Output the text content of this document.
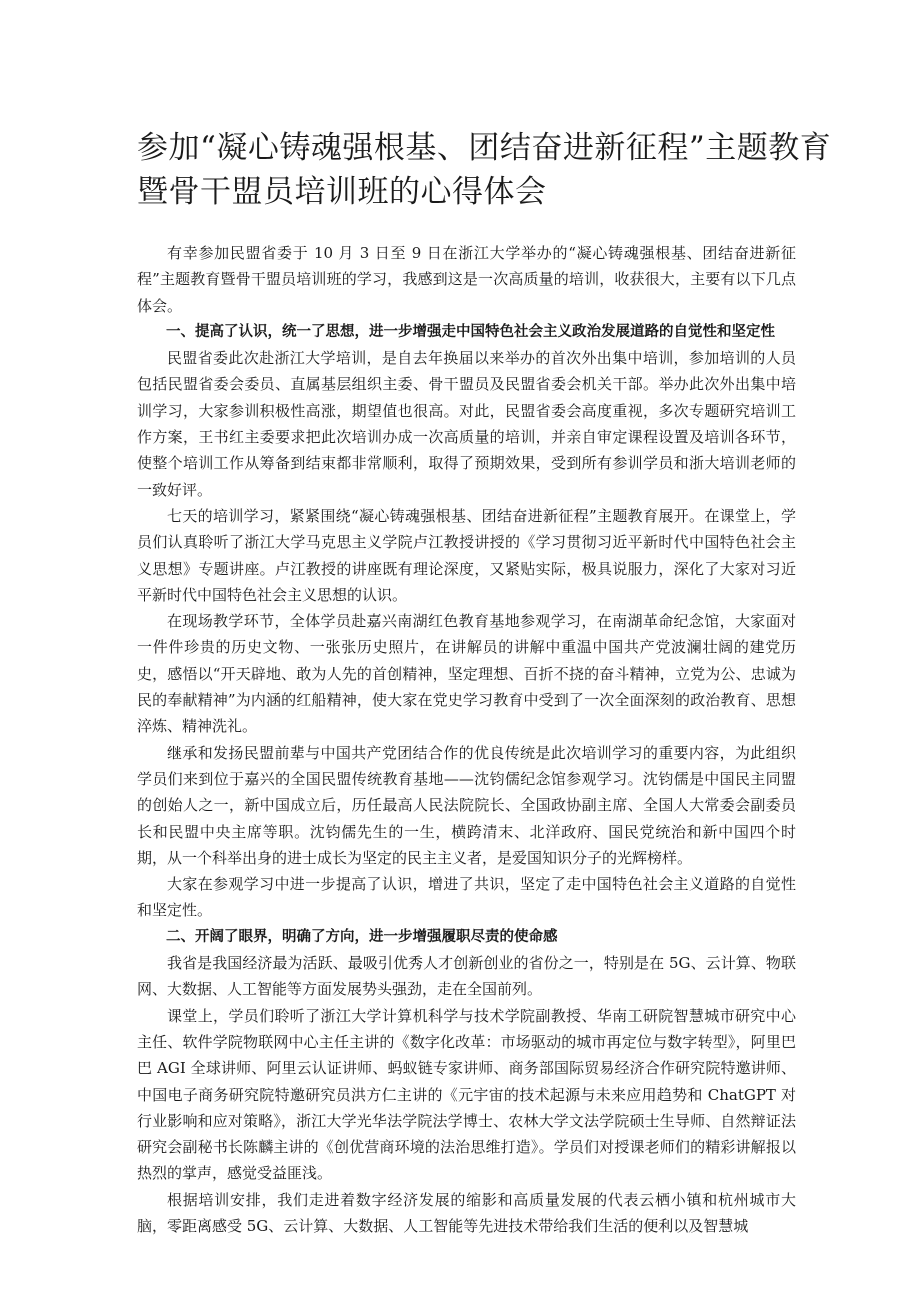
参加“凝心铸魂强根基、团结奋进新征程”主题教育
暨骨干盟员培训班的心得体会

有幸参加民盟省委于 10 月 3 日至 9 日在浙江大学举办的“凝心铸魂强根基、团结奋进新征程”主题教育暨骨干盟员培训班的学习，我感到这是一次高质量的培训，收获很大，主要有以下几点体会。

一、提高了认识，统一了思想，进一步增强走中国特色社会主义政治发展道路的自觉性和坚定性

民盟省委此次赴浙江大学培训，是自去年换届以来举办的首次外出集中培训，参加培训的人员包括民盟省委会委员、直属基层组织主委、骨干盟员及民盟省委会机关干部。举办此次外出集中培训学习，大家参训积极性高涨，期望值也很高。对此，民盟省委会高度重视，多次专题研究培训工作方案，王书红主委要求把此次培训办成一次高质量的培训，并亲自审定课程设置及培训各环节，使整个培训工作从筹备到结束都非常顺利，取得了预期效果，受到所有参训学员和浙大培训老师的一致好评。

七天的培训学习，紧紧围绕“凝心铸魂强根基、团结奋进新征程”主题教育展开。在课堂上，学员们认真聆听了浙江大学马克思主义学院卢江教授讲授的《学习贯彻习近平新时代中国特色社会主义思想》专题讲座。卢江教授的讲座既有理论深度，又紧贴实际，极具说服力，深化了大家对习近平新时代中国特色社会主义思想的认识。

在现场教学环节，全体学员赴嘉兴南湖红色教育基地参观学习，在南湖革命纪念馆，大家面对一件件珍贵的历史文物、一张张历史照片，在讲解员的讲解中重温中国共产党波澜壮阔的建党历史，感悟以“开天辟地、敢为人先的首创精神，坚定理想、百折不挠的奋斗精神，立党为公、忠诚为民的奉献精神”为内涵的红船精神，使大家在党史学习教育中受到了一次全面深刻的政治教育、思想淬炼、精神洗礼。

继承和发扬民盟前辈与中国共产党团结合作的优良传统是此次培训学习的重要内容，为此组织学员们来到位于嘉兴的全国民盟传统教育基地——沈钧儒纪念馆参观学习。沈钧儒是中国民主同盟的创始人之一，新中国成立后，历任最高人民法院院长、全国政协副主席、全国人大常委会副委员长和民盟中央主席等职。沈钧儒先生的一生，横跨清末、北洋政府、国民党统治和新中国四个时期，从一个科举出身的进士成长为坚定的民主主义者，是爱国知识分子的光辉榜样。

大家在参观学习中进一步提高了认识，增进了共识，坚定了走中国特色社会主义道路的自觉性和坚定性。

二、开阔了眼界，明确了方向，进一步增强履职尽责的使命感

我省是我国经济最为活跃、最吸引优秀人才创新创业的省份之一，特别是在 5G、云计算、物联网、大数据、人工智能等方面发展势头强劲，走在全国前列。

课堂上，学员们聆听了浙江大学计算机科学与技术学院副教授、华南工研院智慧城市研究中心主任、软件学院物联网中心主任主讲的《数字化改革：市场驱动的城市再定位与数字转型》，阿里巴巴 AGI 全球讲师、阿里云认证讲师、蚂蚁链专家讲师、商务部国际贸易经济合作研究院特邀讲师、中国电子商务研究院特邀研究员洪方仁主讲的《元宇宙的技术起源与未来应用趋势和 ChatGPT 对行业影响和应对策略》，浙江大学光华法学院法学博士、农林大学文法学院硕士生导师、自然辩证法研究会副秘书长陈麟主讲的《创优营商环境的法治思维打造》。学员们对授课老师们的精彩讲解报以热烈的掌声，感觉受益匪浅。

根据培训安排，我们走进着数字经济发展的缩影和高质量发展的代表云栖小镇和杭州城市大脑，零距离感受 5G、云计算、大数据、人工智能等先进技术带给我们生活的便利以及智慧城
